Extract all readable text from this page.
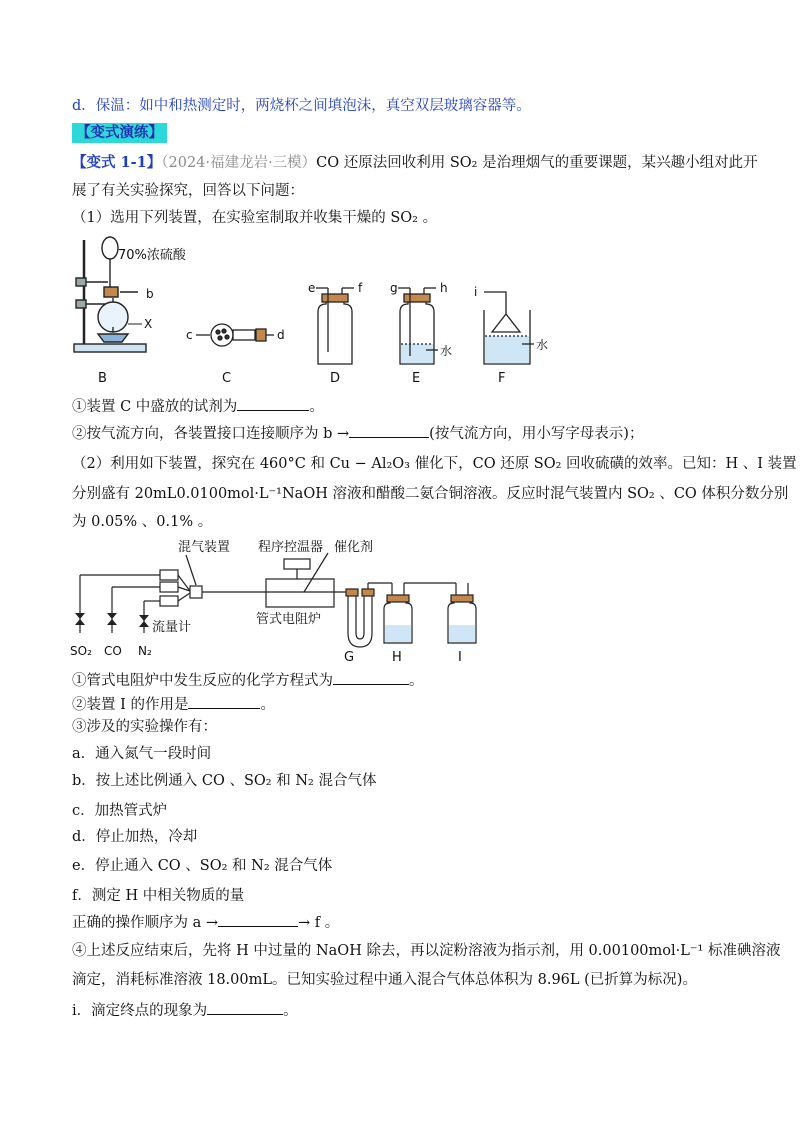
d．保温：如中和热测定时，两烧杯之间填泡沫，真空双层玻璃容器等。
【变式演练】
【变式 1-1】（2024·福建龙岩·三模）CO 还原法回收利用 SO₂ 是治理烟气的重要课题，某兴趣小组对此开
展了有关实验探究，回答以下问题：
（1）选用下列装置，在实验室制取并收集干燥的 SO₂ 。
70%浓硫酸
b
X
B
c	d
C
e	f
D
g	h
水
E
i
水
F
①装置 C 中盛放的试剂为	。
②按气流方向，各装置接口连接顺序为 b →	(按气流方向，用小写字母表示)；
（2）利用如下装置，探究在 460°C 和 Cu − Al₂O₃ 催化下，CO 还原 SO₂ 回收硫磺的效率。已知：H 、I 装置
分别盛有 20mL0.0100mol·L⁻¹NaOH 溶液和醋酸二氨合铜溶液。反应时混气装置内 SO₂ 、CO 体积分数分别
为 0.05% 、0.1% 。
混气装置 程序控温器 催化剂
管式电阻炉
流量计
SO₂ CO N₂	G	H	I
①管式电阻炉中发生反应的化学方程式为	。
②装置 I 的作用是	。
③涉及的实验操作有：
a．通入氮气一段时间
b．按上述比例通入 CO 、SO₂ 和 N₂ 混合气体
c．加热管式炉
d．停止加热，冷却
e．停止通入 CO 、SO₂ 和 N₂ 混合气体
f．测定 H 中相关物质的量
正确的操作顺序为 a →	→ f 。
④上述反应结束后，先将 H 中过量的 NaOH 除去，再以淀粉溶液为指示剂，用 0.00100mol·L⁻¹ 标准碘溶液
滴定，消耗标准溶液 18.00mL。已知实验过程中通入混合气体总体积为 8.96L (已折算为标况)。
i．滴定终点的现象为	。
